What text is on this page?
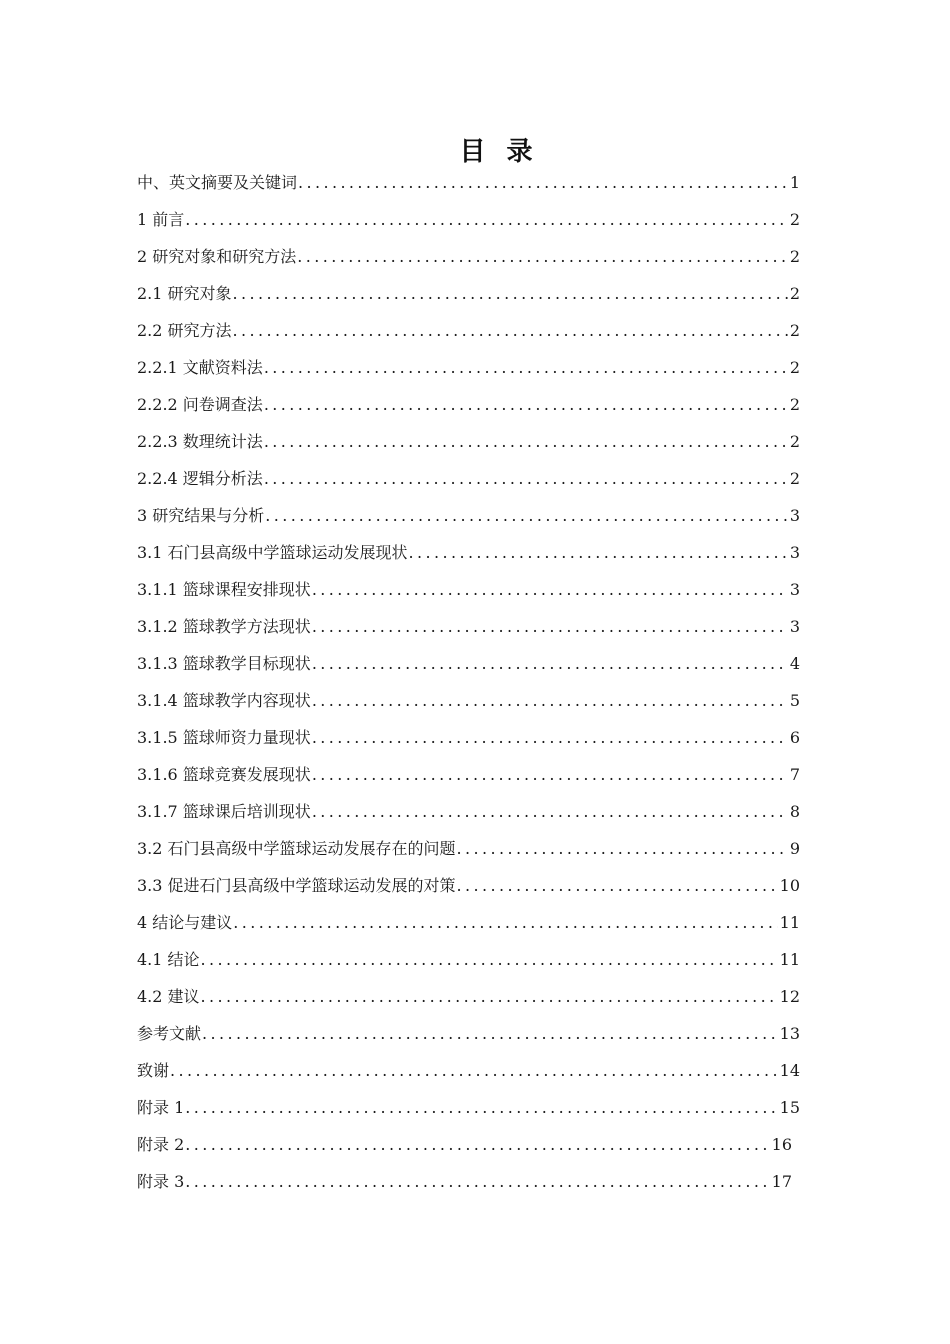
目 录
中、英文摘要及关键词 .....	1
1 前言 .....	2
2 研究对象和研究方法 .....	2
2.1 研究对象 .....	2
2.2 研究方法 .....	2
2.2.1 文献资料法 .....	2
2.2.2 问卷调查法 .....	2
2.2.3 数理统计法 .....	2
2.2.4 逻辑分析法 .....	2
3 研究结果与分析 .....	3
3.1 石门县高级中学篮球运动发展现状 .....	3
3.1.1 篮球课程安排现状 .....	3
3.1.2 篮球教学方法现状 .....	3
3.1.3 篮球教学目标现状 .....	4
3.1.4 篮球教学内容现状 .....	5
3.1.5 篮球师资力量现状 .....	6
3.1.6 篮球竞赛发展现状 .....	7
3.1.7 篮球课后培训现状 .....	8
3.2 石门县高级中学篮球运动发展存在的问题 .....	9
3.3 促进石门县高级中学篮球运动发展的对策 .....	10
4 结论与建议 .....	11
4.1 结论 .....	11
4.2 建议 .....	12
参考文献 .....	13
致谢 .....	14
附录 1 .....	15
附录 2 .....	16
附录 3 .....	17
